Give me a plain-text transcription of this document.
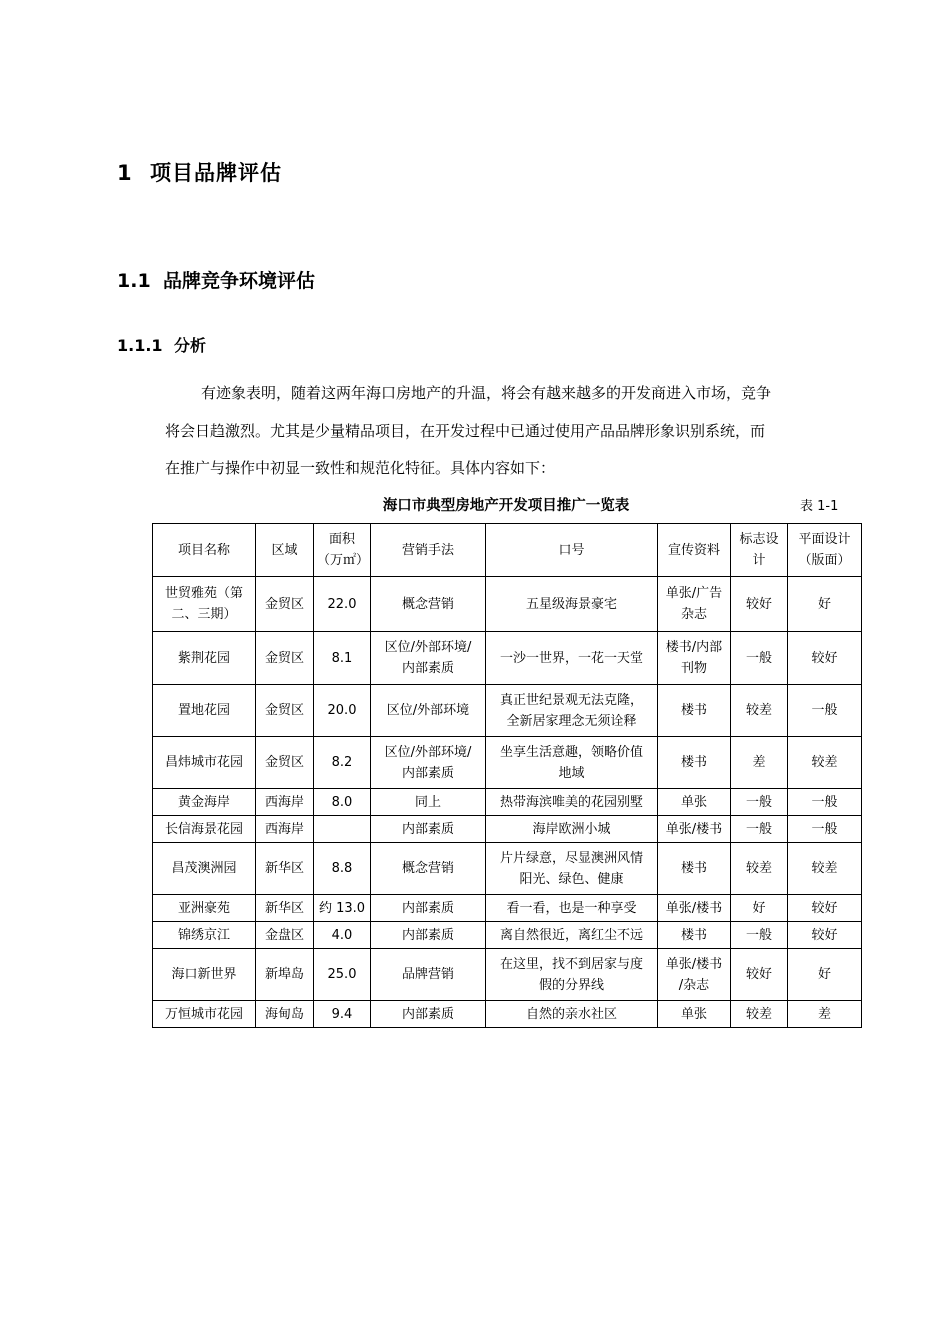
1 项目品牌评估
1.1 品牌竞争环境评估
1.1.1 分析
有迹象表明，随着这两年海口房地产的升温，将会有越来越多的开发商进入市场，竞争
将会日趋激烈。尤其是少量精品项目，在开发过程中已通过使用产品品牌形象识别系统，而
在推广与操作中初显一致性和规范化特征。具体内容如下：
海口市典型房地产开发项目推广一览表	表 1-1
项目名称	区域	面积
（万㎡）	营销手法	口号	宣传资料	标志设
计	平面设计
（版面）
世贸雅苑（第
二、三期）	金贸区	22.0	概念营销	五星级海景豪宅	单张/广告
杂志	较好	好
紫荆花园	金贸区	8.1	区位/外部环境/
内部素质	一沙一世界，一花一天堂	楼书/内部
刊物	一般	较好
置地花园	金贸区	20.0	区位/外部环境	真正世纪景观无法克隆，
全新居家理念无须诠释	楼书	较差	一般
昌炜城市花园	金贸区	8.2	区位/外部环境/
内部素质	坐享生活意趣，领略价值
地域	楼书	差	较差
黄金海岸	西海岸	8.0	同上	热带海滨唯美的花园别墅	单张	一般	一般
长信海景花园	西海岸		内部素质	海岸欧洲小城	单张/楼书	一般	一般
昌茂澳洲园	新华区	8.8	概念营销	片片绿意，尽显澳洲风情
阳光、绿色、健康	楼书	较差	较差
亚洲豪苑	新华区	约 13.0	内部素质	看一看，也是一种享受	单张/楼书	好	较好
锦绣京江	金盘区	4.0	内部素质	离自然很近，离红尘不远	楼书	一般	较好
海口新世界	新埠岛	25.0	品牌营销	在这里，找不到居家与度
假的分界线	单张/楼书
/杂志	较好	好
万恒城市花园	海甸岛	9.4	内部素质	自然的亲水社区	单张	较差	差
